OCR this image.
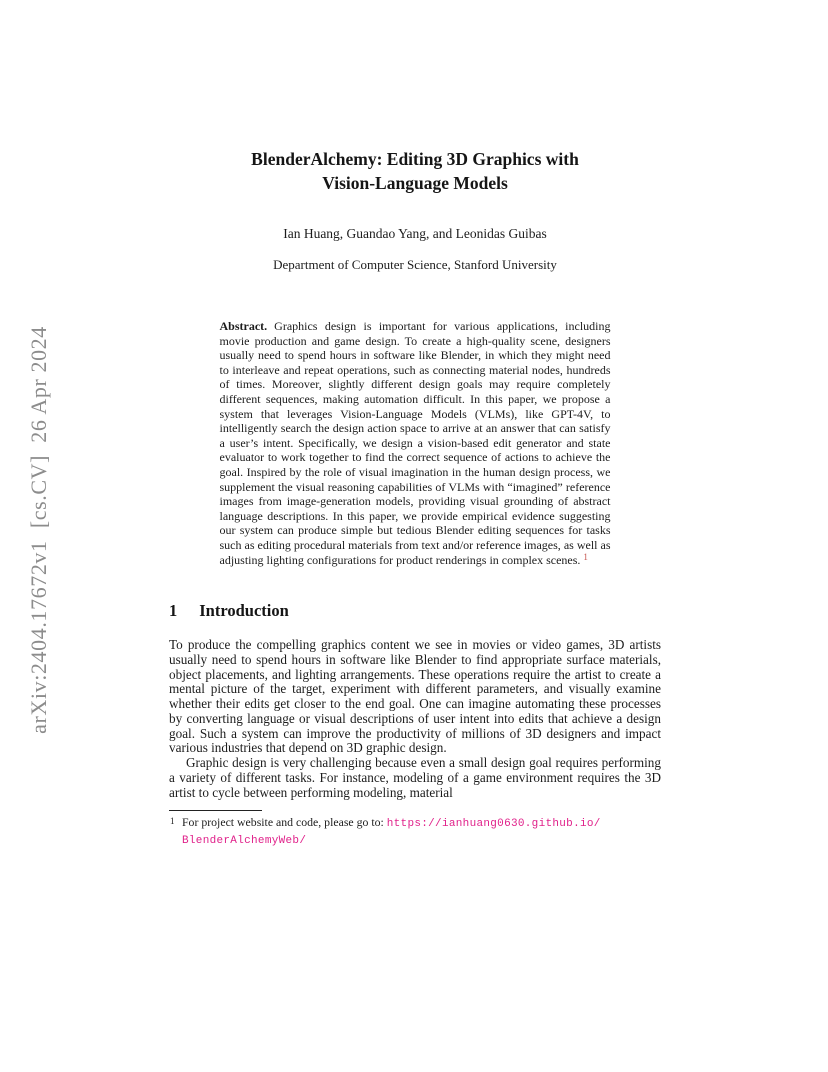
arXiv:2404.17672v1  [cs.CV]  26 Apr 2024
BlenderAlchemy: Editing 3D Graphics with
Vision-Language Models
Ian Huang, Guandao Yang, and Leonidas Guibas
Department of Computer Science, Stanford University
Abstract. Graphics design is important for various applications, including movie production and game design. To create a high-quality scene, designers usually need to spend hours in software like Blender, in which they might need to interleave and repeat operations, such as connecting material nodes, hundreds of times. Moreover, slightly different design goals may require completely different sequences, making automation difficult. In this paper, we propose a system that leverages Vision-Language Models (VLMs), like GPT-4V, to intelligently search the design action space to arrive at an answer that can satisfy a user’s intent. Specifically, we design a vision-based edit generator and state evaluator to work together to find the correct sequence of actions to achieve the goal. Inspired by the role of visual imagination in the human design process, we supplement the visual reasoning capabilities of VLMs with “imagined” reference images from image-generation models, providing visual grounding of abstract language descriptions. In this paper, we provide empirical evidence suggesting our system can produce simple but tedious Blender editing sequences for tasks such as editing procedural materials from text and/or reference images, as well as adjusting lighting configurations for product renderings in complex scenes. $^1$
1 Introduction

To produce the compelling graphics content we see in movies or video games, 3D artists usually need to spend hours in software like Blender to find appropriate surface materials, object placements, and lighting arrangements. These operations require the artist to create a mental picture of the target, experiment with different parameters, and visually examine whether their edits get closer to the end goal. One can imagine automating these processes by converting language or visual descriptions of user intent into edits that achieve a design goal. Such a system can improve the productivity of millions of 3D designers and impact various industries that depend on 3D graphic design.

Graphic design is very challenging because even a small design goal requires performing a variety of different tasks. For instance, modeling of a game environment requires the 3D artist to cycle between performing modeling, material

1 For project website and code, please go to: https://ianhuang0630.github.io/
BlenderAlchemyWeb/
